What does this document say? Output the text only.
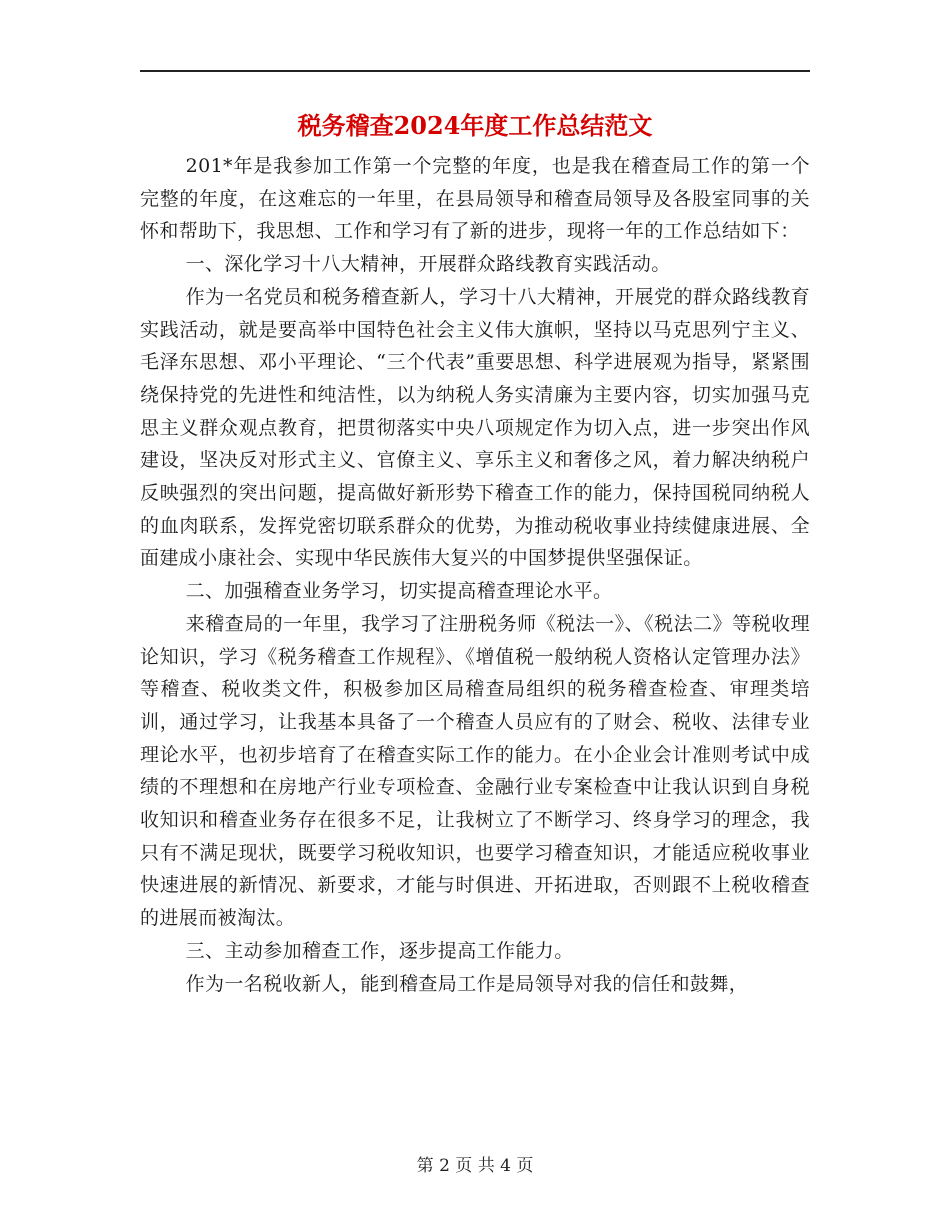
税务稽查2024年度工作总结范文

201*年是我参加工作第一个完整的年度，也是我在稽查局工作的第一个完整的年度，在这难忘的一年里，在县局领导和稽查局领导及各股室同事的关怀和帮助下，我思想、工作和学习有了新的进步，现将一年的工作总结如下：

一、深化学习十八大精神，开展群众路线教育实践活动。

作为一名党员和税务稽查新人，学习十八大精神，开展党的群众路线教育实践活动，就是要高举中国特色社会主义伟大旗帜，坚持以马克思列宁主义、毛泽东思想、邓小平理论、“三个代表”重要思想、科学进展观为指导，紧紧围绕保持党的先进性和纯洁性，以为纳税人务实清廉为主要内容，切实加强马克思主义群众观点教育，把贯彻落实中央八项规定作为切入点，进一步突出作风建设，坚决反对形式主义、官僚主义、享乐主义和奢侈之风，着力解决纳税户反映强烈的突出问题，提高做好新形势下稽查工作的能力，保持国税同纳税人的血肉联系，发挥党密切联系群众的优势，为推动税收事业持续健康进展、全面建成小康社会、实现中华民族伟大复兴的中国梦提供坚强保证。

二、加强稽查业务学习，切实提高稽查理论水平。

来稽查局的一年里，我学习了注册税务师《税法一》、《税法二》等税收理论知识，学习《税务稽查工作规程》、《增值税一般纳税人资格认定管理办法》等稽查、税收类文件，积极参加区局稽查局组织的税务稽查检查、审理类培训，通过学习，让我基本具备了一个稽查人员应有的了财会、税收、法律专业理论水平，也初步培育了在稽查实际工作的能力。在小企业会计准则考试中成绩的不理想和在房地产行业专项检查、金融行业专案检查中让我认识到自身税收知识和稽查业务存在很多不足，让我树立了不断学习、终身学习的理念，我只有不满足现状，既要学习税收知识，也要学习稽查知识，才能适应税收事业快速进展的新情况、新要求，才能与时俱进、开拓进取，否则跟不上税收稽查的进展而被淘汰。

三、主动参加稽查工作，逐步提高工作能力。

作为一名税收新人，能到稽查局工作是局领导对我的信任和鼓舞，

第 2 页 共 4 页
